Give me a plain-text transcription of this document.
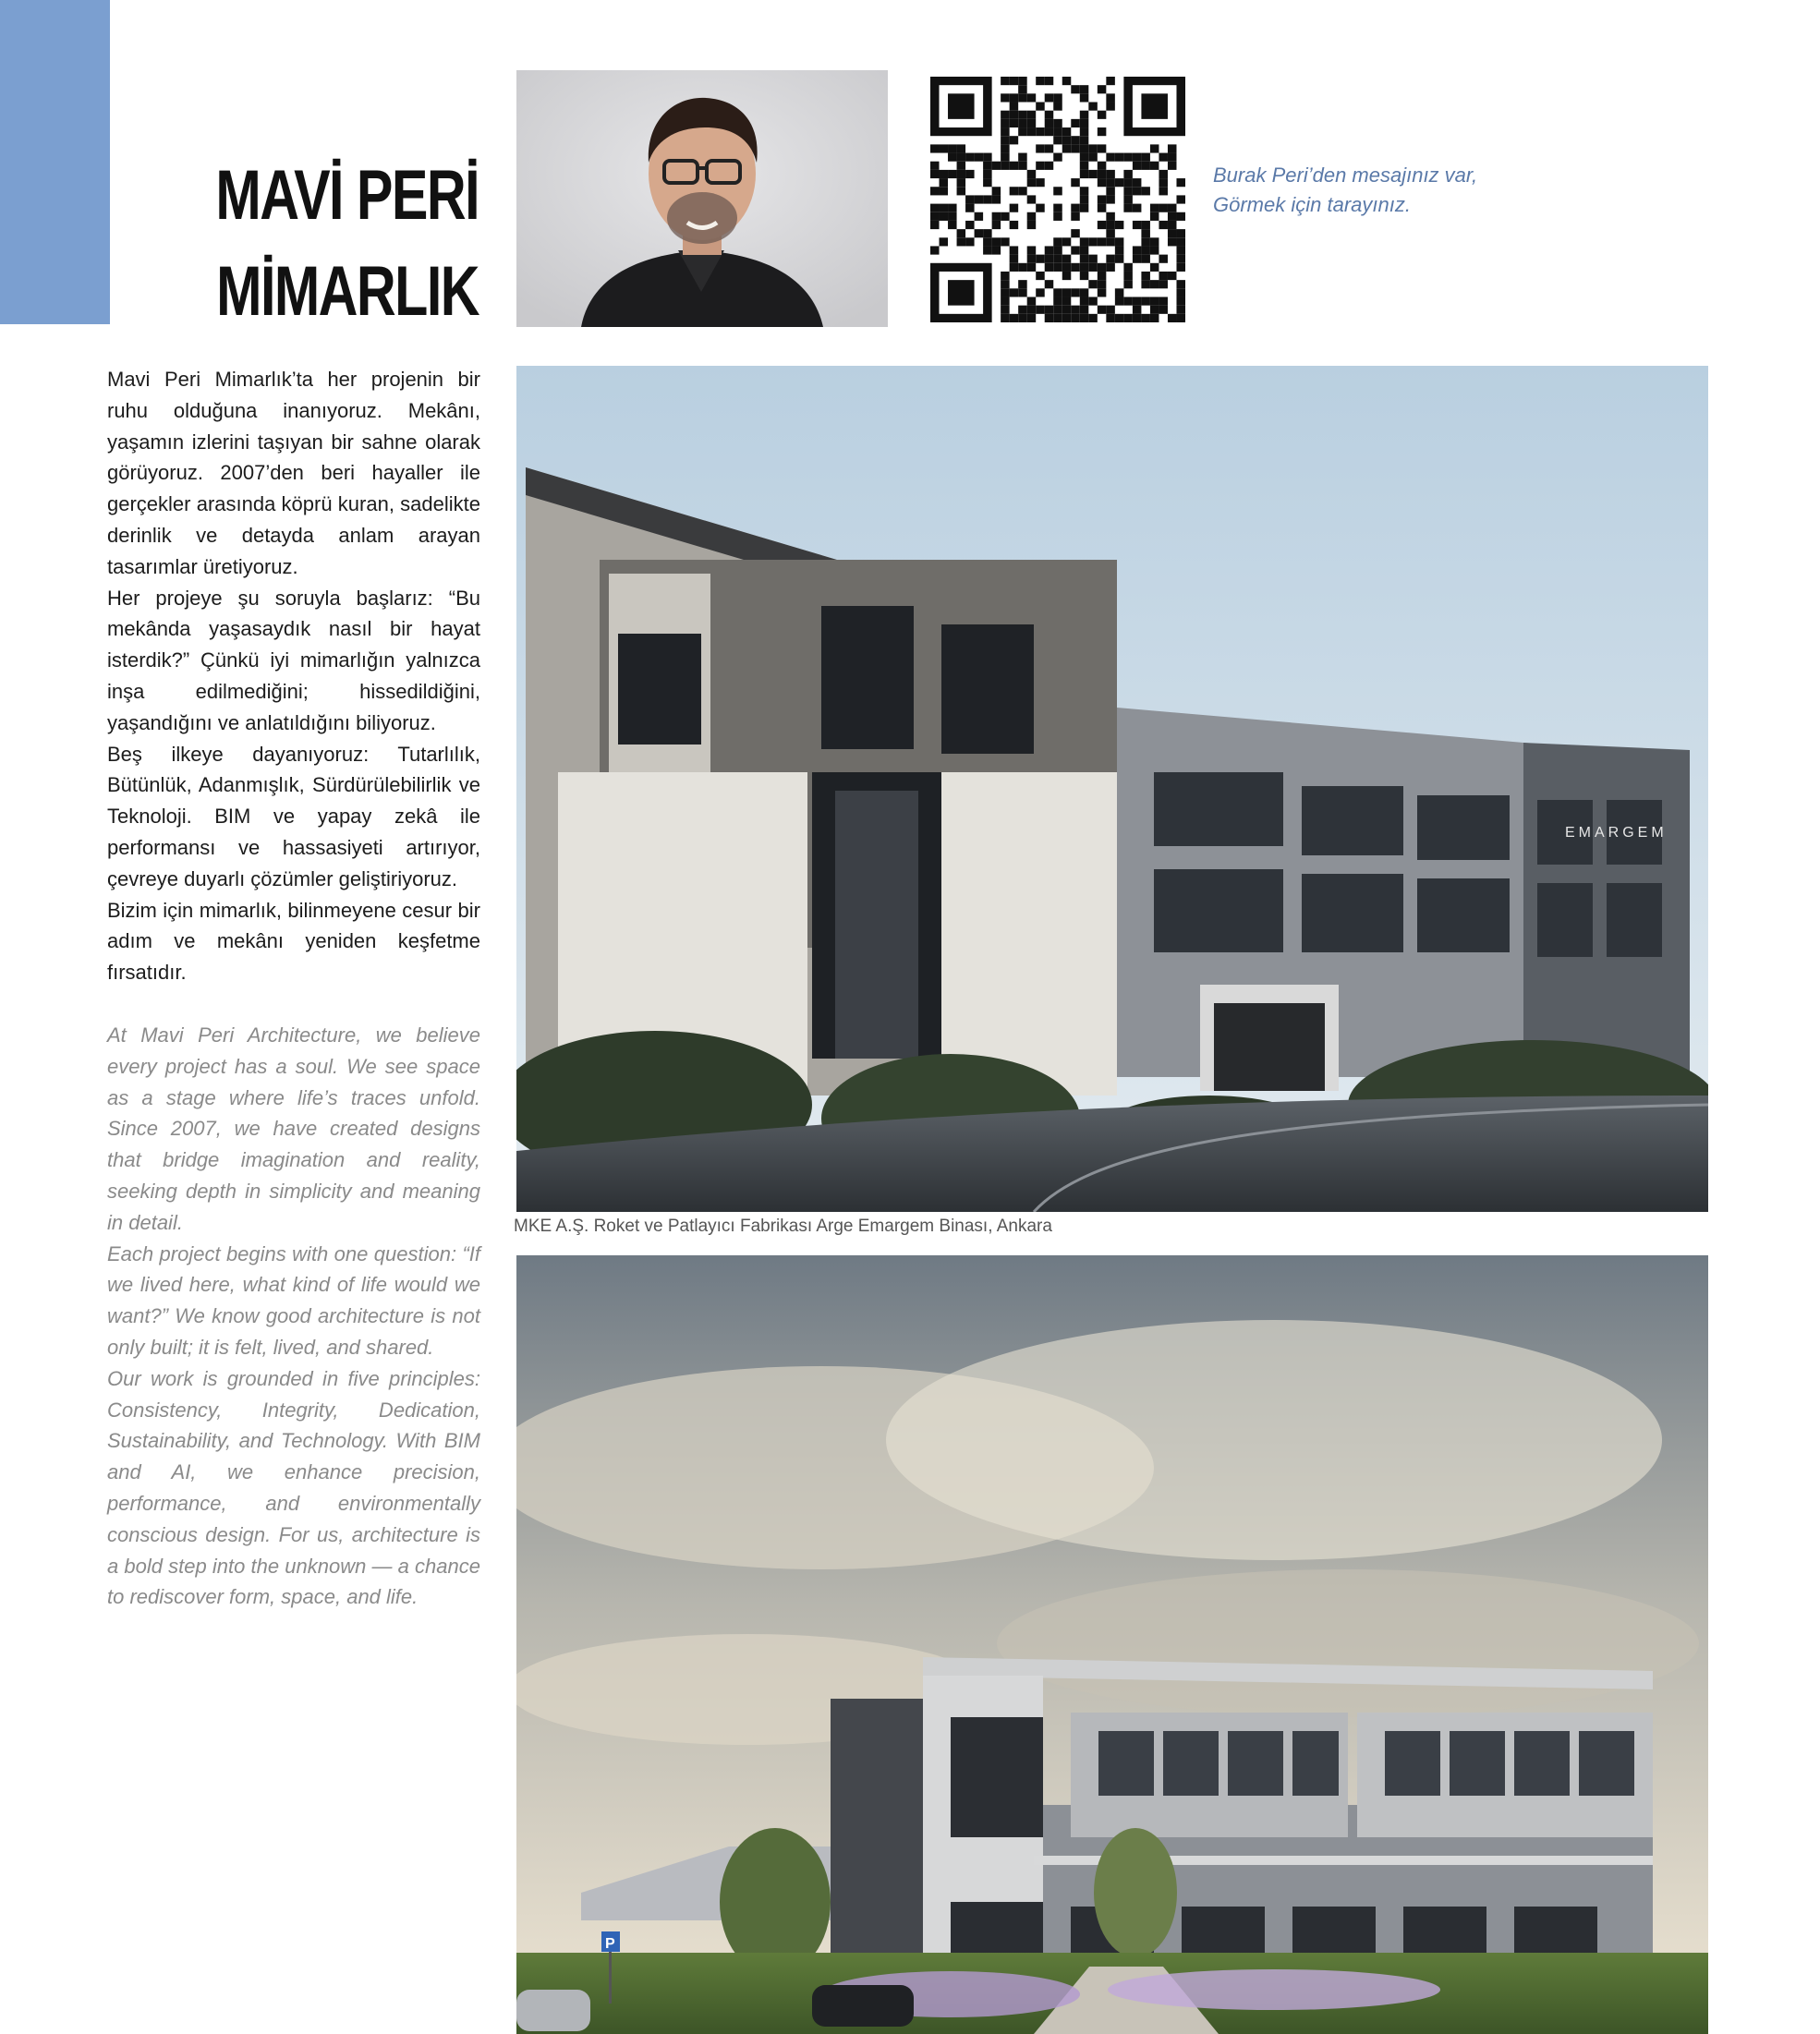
MAVİ PERİ
MİMARLIK
Burak Peri’den mesajınız var,
Görmek için tarayınız.

Mavi Peri Mimarlık’ta her projenin bir ruhu olduğuna inanıyoruz. Mekânı, yaşamın izlerini taşıyan bir sahne olarak görüyoruz. 2007’den beri hayaller ile gerçekler arasında köprü kuran, sadelikte derinlik ve detayda anlam arayan tasarımlar üretiyoruz.

Her projeye şu soruyla başlarız: “Bu mekânda yaşasaydık nasıl bir hayat isterdik?” Çünkü iyi mimarlığın yalnızca inşa edilmediğini; hissedildiğini, yaşandığını ve anlatıldığını biliyoruz.

Beş ilkeye dayanıyoruz: Tutarlılık, Bütünlük, Adanmışlık, Sürdürülebilirlik ve Teknoloji. BIM ve yapay zekâ ile performansı ve hassasiyeti artırıyor, çevreye duyarlı çözümler geliştiriyoruz.

Bizim için mimarlık, bilinmeyene cesur bir adım ve mekânı yeniden keşfetme fırsatıdır.

At Mavi Peri Architecture, we believe every project has a soul. We see space as a stage where life’s traces unfold. Since 2007, we have created designs that bridge imagination and reality, seeking depth in simplicity and meaning in detail.

Each project begins with one question: “If we lived here, what kind of life would we want?” We know good architecture is not only built; it is felt, lived, and shared.

Our work is grounded in five principles: Consistency, Integrity, Dedication, Sustainability, and Technology. With BIM and AI, we enhance precision, performance, and environmentally conscious design. For us, architecture is a bold step into the unknown — a chance to rediscover form, space, and life.

EMARGEM
MKE A.Ş. Roket ve Patlayıcı Fabrikası Arge Emargem Binası, Ankara
P
